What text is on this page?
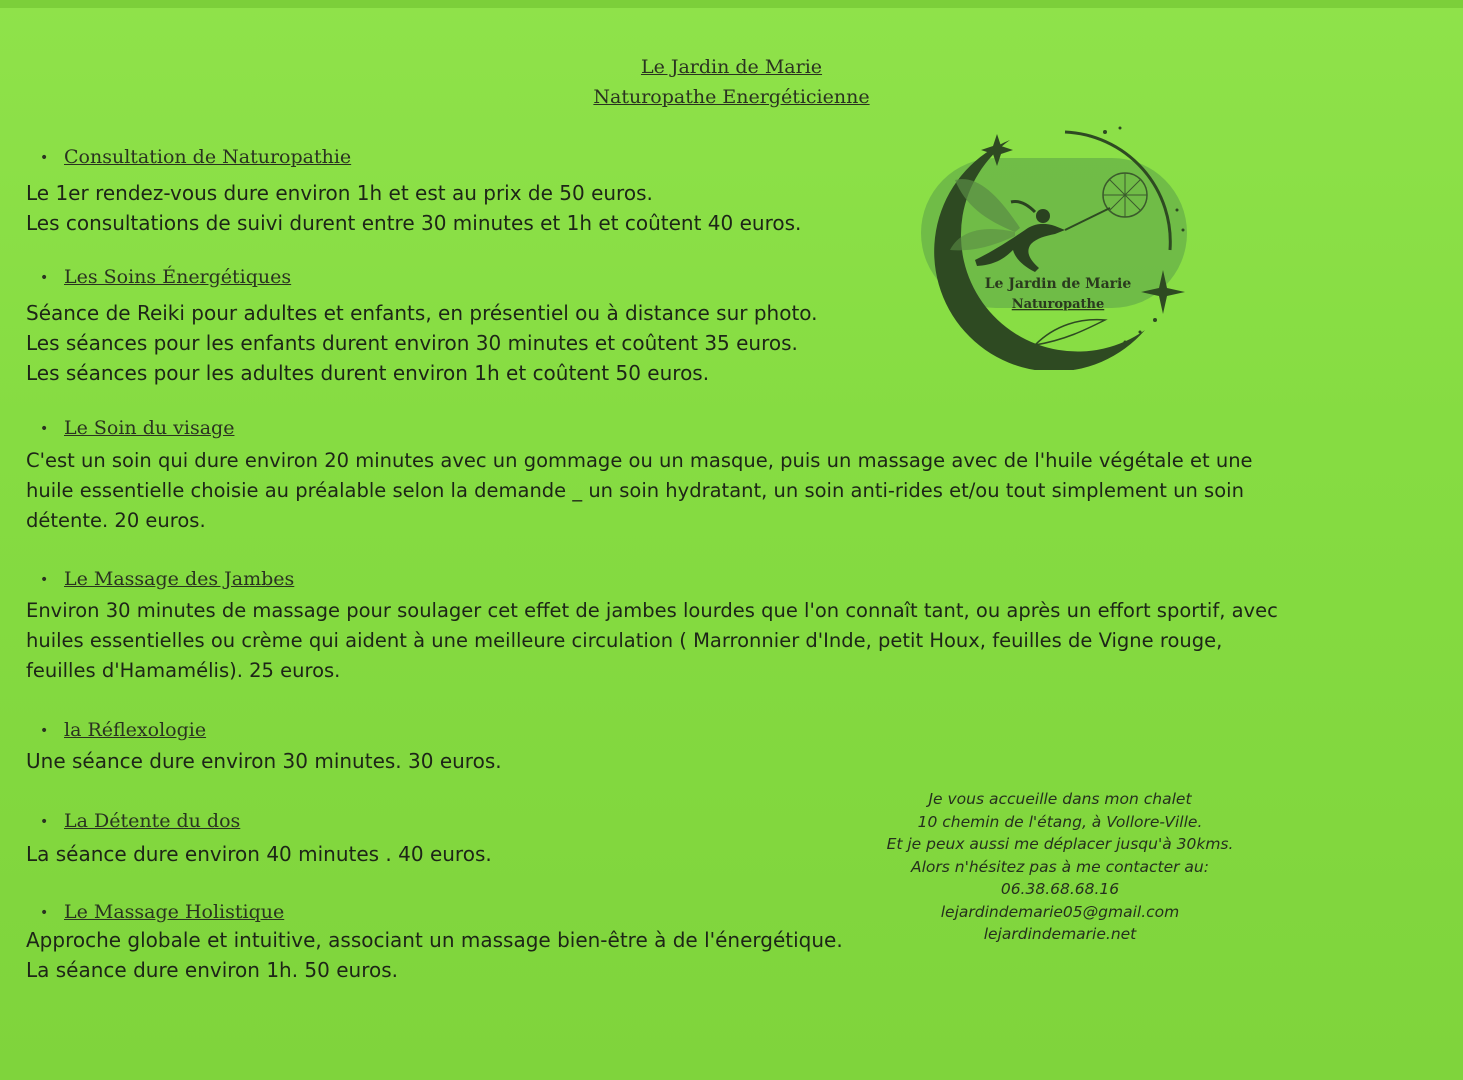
Le Jardin de Marie
Naturopathe Energéticienne
• Consultation de Naturopathie
Le 1er rendez-vous dure environ 1h et est au prix de 50 euros.
Les consultations de suivi durent entre 30 minutes et 1h et coûtent 40 euros.
• Les Soins Énergétiques
Séance de Reiki pour adultes et enfants, en présentiel ou à distance sur photo.
Les séances pour les enfants durent environ 30 minutes et coûtent 35 euros.
Les séances pour les adultes durent environ 1h et coûtent 50 euros.
• Le Soin du visage
C'est un soin qui dure environ 20 minutes avec un gommage ou un masque, puis un massage avec de l'huile végétale et une
huile essentielle choisie au préalable selon la demande _ un soin hydratant, un soin anti-rides et/ou tout simplement un soin
détente. 20 euros.
• Le Massage des Jambes
Environ 30 minutes de massage pour soulager cet effet de jambes lourdes que l'on connaît tant, ou après un effort sportif, avec
huiles essentielles ou crème qui aident à une meilleure circulation ( Marronnier d'Inde, petit Houx, feuilles de Vigne rouge,
feuilles d'Hamamélis). 25 euros.
• la Réflexologie
Une séance dure environ 30 minutes. 30 euros.
• La Détente du dos
La séance dure environ 40 minutes . 40 euros.
• Le Massage Holistique
Approche globale et intuitive, associant un massage bien-être à de l'énergétique.
La séance dure environ 1h. 50 euros.
Le Jardin de Marie
Naturopathe
Je vous accueille dans mon chalet
10 chemin de l'étang, à Vollore-Ville.
Et je peux aussi me déplacer jusqu'à 30kms.
Alors n'hésitez pas à me contacter au:
06.38.68.68.16
lejardindemarie05@gmail.com
lejardindemarie.net
